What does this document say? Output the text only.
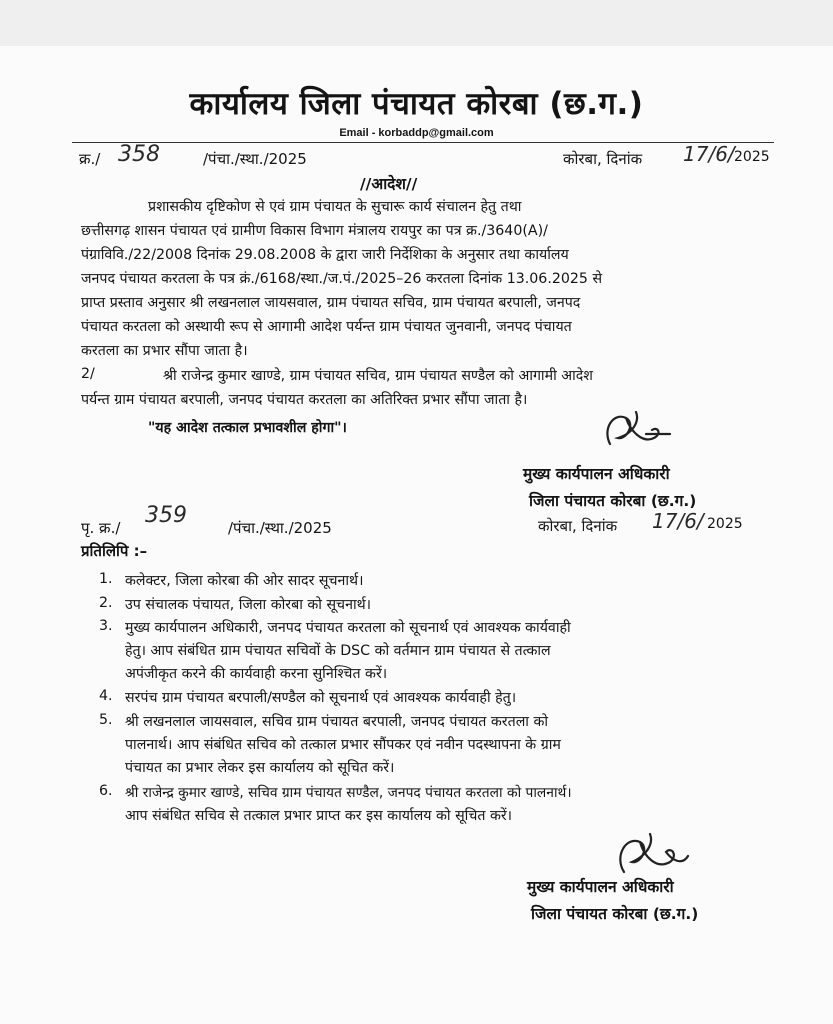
कार्यालय जिला पंचायत कोरबा (छ.ग.)
Email - korbaddp@gmail.com
क्र./ 358	/पंचा./स्था./2025	कोरबा, दिनांक 17/6/ 2025
//आदेश//
प्रशासकीय दृष्टिकोण से एवं ग्राम पंचायत के सुचारू कार्य संचालन हेतु तथा
छत्तीसगढ़ शासन पंचायत एवं ग्रामीण विकास विभाग मंत्रालय रायपुर का पत्र क्र./3640(A)/
पंग्राविवि./22/2008 दिनांक 29.08.2008 के द्वारा जारी निर्देशिका के अनुसार तथा कार्यालय
जनपद पंचायत करतला के पत्र क्रं./6168/स्था./ज.पं./2025–26 करतला दिनांक 13.06.2025 से
प्राप्त प्रस्ताव अनुसार श्री लखनलाल जायसवाल, ग्राम पंचायत सचिव, ग्राम पंचायत बरपाली, जनपद
पंचायत करतला को अस्थायी रूप से आगामी आदेश पर्यन्त ग्राम पंचायत जुनवानी, जनपद पंचायत
करतला का प्रभार सौंपा जाता है।
2/	श्री राजेन्द्र कुमार खाण्डे, ग्राम पंचायत सचिव, ग्राम पंचायत सण्डैल को आगामी आदेश
पर्यन्त ग्राम पंचायत बरपाली, जनपद पंचायत करतला का अतिरिक्त प्रभार सौंपा जाता है।
"यह आदेश तत्काल प्रभावशील होगा"।
मुख्य कार्यपालन अधिकारी
जिला पंचायत कोरबा (छ.ग.)
कोरबा, दिनांक 17/6/ 2025
पृ. क्र./ 359	/पंचा./स्था./2025
प्रतिलिपि :–
1. कलेक्टर, जिला कोरबा की ओर सादर सूचनार्थ।
2. उप संचालक पंचायत, जिला कोरबा को सूचनार्थ।
3. मुख्य कार्यपालन अधिकारी, जनपद पंचायत करतला को सूचनार्थ एवं आवश्यक कार्यवाही
हेतु। आप संबंधित ग्राम पंचायत सचिवों के DSC को वर्तमान ग्राम पंचायत से तत्काल
अपंजीकृत करने की कार्यवाही करना सुनिश्चित करें।
4. सरपंच ग्राम पंचायत बरपाली/सण्डैल को सूचनार्थ एवं आवश्यक कार्यवाही हेतु।
5. श्री लखनलाल जायसवाल, सचिव ग्राम पंचायत बरपाली, जनपद पंचायत करतला को
पालनार्थ। आप संबंधित सचिव को तत्काल प्रभार सौंपकर एवं नवीन पदस्थापना के ग्राम
पंचायत का प्रभार लेकर इस कार्यालय को सूचित करें।
6. श्री राजेन्द्र कुमार खाण्डे, सचिव ग्राम पंचायत सण्डैल, जनपद पंचायत करतला को पालनार्थ।
आप संबंधित सचिव से तत्काल प्रभार प्राप्त कर इस कार्यालय को सूचित करें।
मुख्य कार्यपालन अधिकारी
जिला पंचायत कोरबा (छ.ग.)
